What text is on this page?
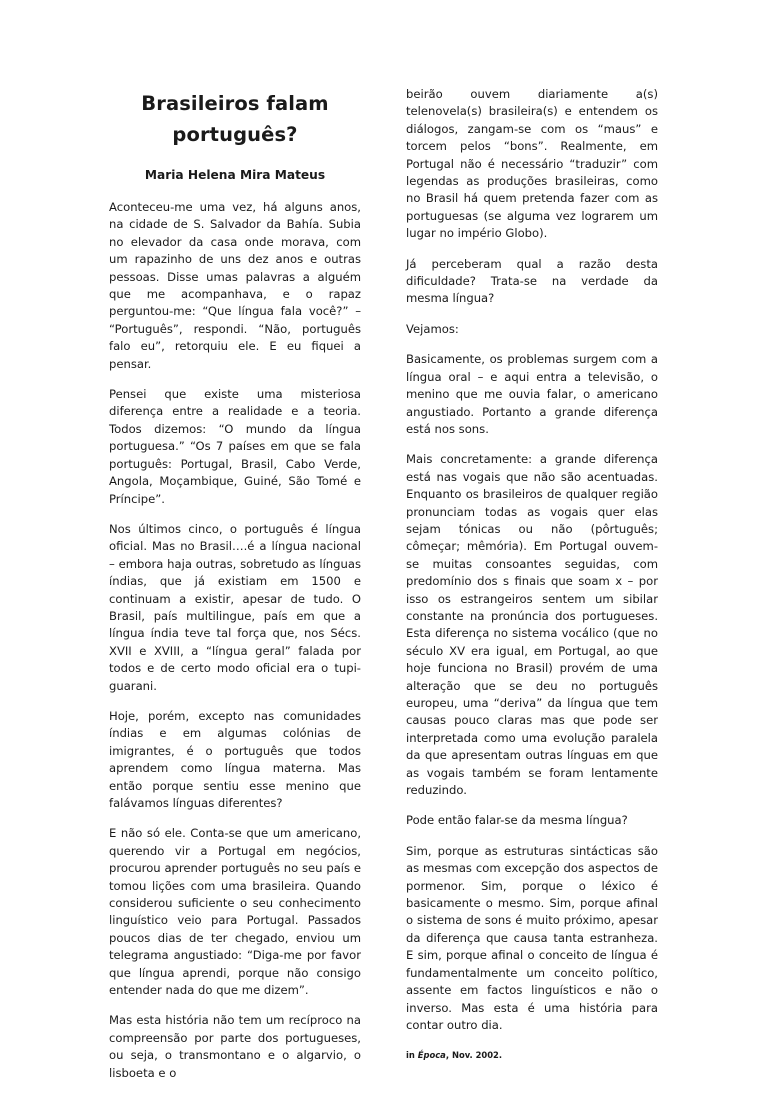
Brasileiros falam
português?
Maria Helena Mira Mateus

Aconteceu-me uma vez, há alguns anos, na cidade de S. Salvador da Bahía. Subia no elevador da casa onde morava, com um rapazinho de uns dez anos e outras pessoas. Disse umas palavras a alguém que me acompanhava, e o rapaz perguntou-me: “Que língua fala você?” – “Português”, respondi. “Não, português falo eu”, retorquiu ele. E eu fiquei a pensar.

Pensei que existe uma misteriosa diferença entre a realidade e a teoria. Todos dizemos: “O mundo da língua portuguesa.” “Os 7 países em que se fala português: Portugal, Brasil, Cabo Verde, Angola, Moçambique, Guiné, São Tomé e Príncipe”.

Nos últimos cinco, o português é língua oficial. Mas no Brasil….é a língua nacional – embora haja outras, sobretudo as línguas índias, que já existiam em 1500 e continuam a existir, apesar de tudo. O Brasil, país multilingue, país em que a língua índia teve tal força que, nos Sécs. XVII e XVIII, a “língua geral” falada por todos e de certo modo oficial era o tupi-guarani.

Hoje, porém, excepto nas comunidades índias e em algumas colónias de imigrantes, é o português que todos aprendem como língua materna. Mas então porque sentiu esse menino que falávamos línguas diferentes?

E não só ele. Conta-se que um americano, querendo vir a Portugal em negócios, procurou aprender português no seu país e tomou lições com uma brasileira. Quando considerou suficiente o seu conhecimento linguístico veio para Portugal. Passados poucos dias de ter chegado, enviou um telegrama angustiado: “Diga-me por favor que língua aprendi, porque não consigo entender nada do que me dizem”.

Mas esta história não tem um recíproco na compreensão por parte dos portugueses, ou seja, o transmontano e o algarvio, o lisboeta e o

beirão ouvem diariamente a(s) telenovela(s) brasileira(s) e entendem os diálogos, zangam-se com os “maus” e torcem pelos “bons”. Realmente, em Portugal não é necessário “traduzir” com legendas as produções brasileiras, como no Brasil há quem pretenda fazer com as portuguesas (se alguma vez lograrem um lugar no império Globo).

Já perceberam qual a razão desta dificuldade? Trata-se na verdade da mesma língua?

Vejamos:

Basicamente, os problemas surgem com a língua oral – e aqui entra a televisão, o menino que me ouvia falar, o americano angustiado. Portanto a grande diferença está nos sons.

Mais concretamente: a grande diferença está nas vogais que não são acentuadas. Enquanto os brasileiros de qualquer região pronunciam todas as vogais quer elas sejam tónicas ou não (pôrtuguês; cômeçar; mêmória). Em Portugal ouvem-se muitas consoantes seguidas, com predomínio dos s finais que soam x – por isso os estrangeiros sentem um sibilar constante na pronúncia dos portugueses. Esta diferença no sistema vocálico (que no século XV era igual, em Portugal, ao que hoje funciona no Brasil) provém de uma alteração que se deu no português europeu, uma “deriva” da língua que tem causas pouco claras mas que pode ser interpretada como uma evolução paralela da que apresentam outras línguas em que as vogais também se foram lentamente reduzindo.

Pode então falar-se da mesma língua?

Sim, porque as estruturas sintácticas são as mesmas com excepção dos aspectos de pormenor. Sim, porque o léxico é basicamente o mesmo. Sim, porque afinal o sistema de sons é muito próximo, apesar da diferença que causa tanta estranheza. E sim, porque afinal o conceito de língua é fundamentalmente um conceito político, assente em factos linguísticos e não o inverso. Mas esta é uma história para contar outro dia.

in Época, Nov. 2002.
